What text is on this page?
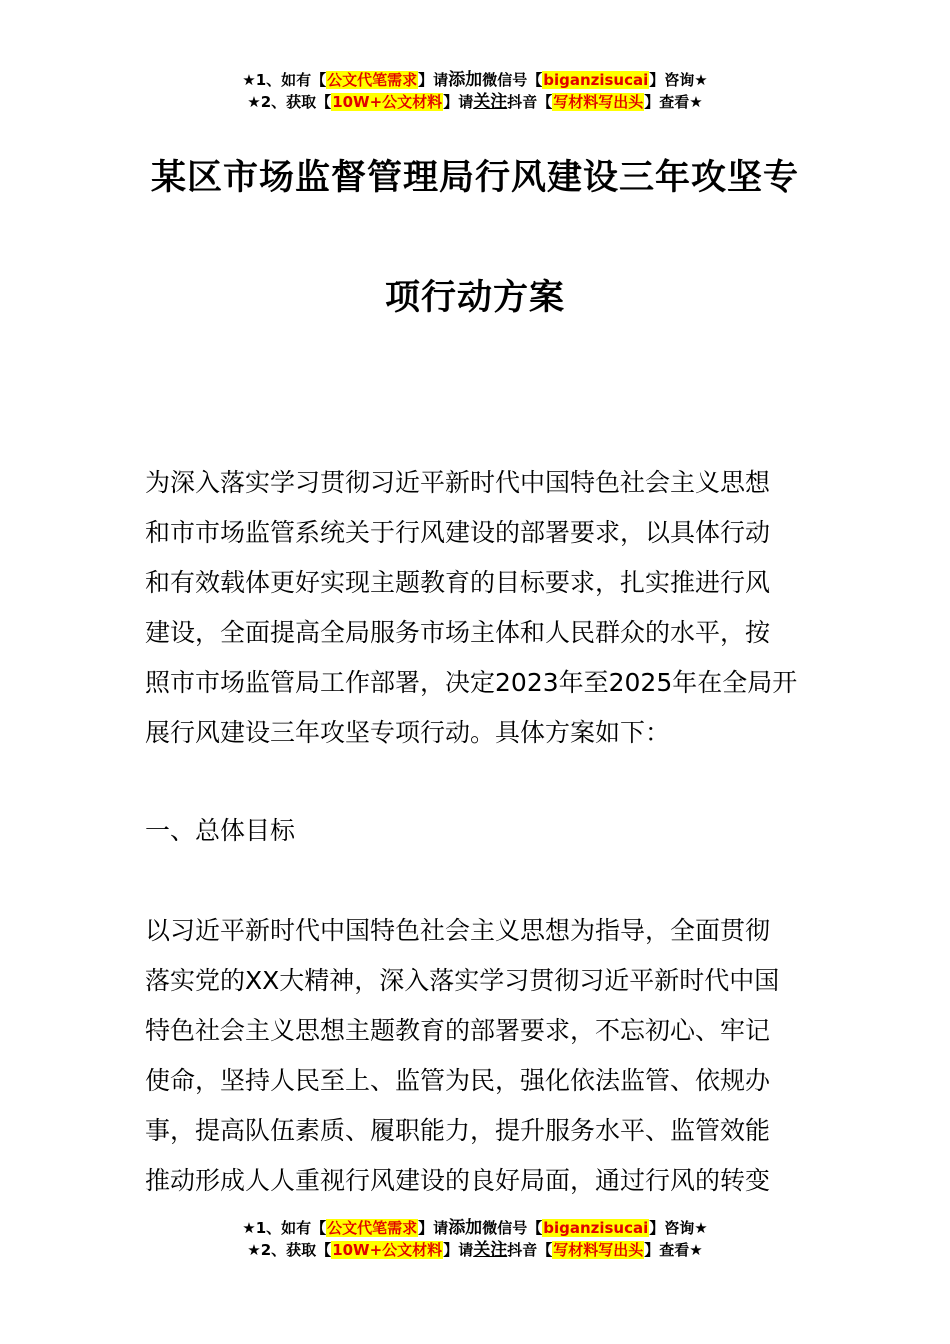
★1、如有【公文代笔需求】请添加微信号【biganzisucai】咨询★
★2、获取【10W+公文材料】请关注抖音【写材料写出头】查看★
某区市场监督管理局行风建设三年攻坚专
项行动方案

为深入落实学习贯彻习近平新时代中国特色社会主义思想
和市市场监管系统关于行风建设的部署要求，以具体行动
和有效载体更好实现主题教育的目标要求，扎实推进行风
建设，全面提高全局服务市场主体和人民群众的水平，按
照市市场监管局工作部署，决定2023年至2025年在全局开
展行风建设三年攻坚专项行动。具体方案如下：

一、总体目标

以习近平新时代中国特色社会主义思想为指导，全面贯彻
落实党的XX大精神，深入落实学习贯彻习近平新时代中国
特色社会主义思想主题教育的部署要求，不忘初心、牢记
使命，坚持人民至上、监管为民，强化依法监管、依规办
事，提高队伍素质、履职能力，提升服务水平、监管效能
推动形成人人重视行风建设的良好局面，通过行风的转变

★1、如有【公文代笔需求】请添加微信号【biganzisucai】咨询★
★2、获取【10W+公文材料】请关注抖音【写材料写出头】查看★
